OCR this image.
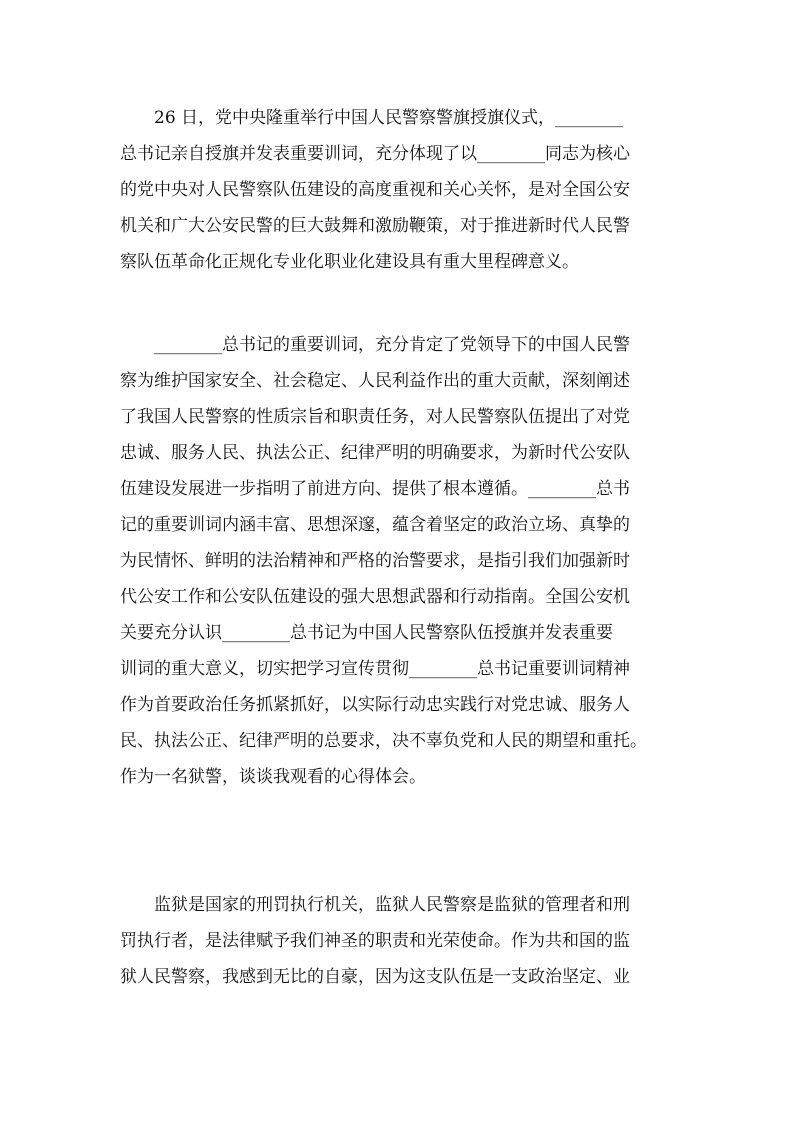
26 日，党中央隆重举行中国人民警察警旗授旗仪式，________
总书记亲自授旗并发表重要训词，充分体现了以________同志为核心
的党中央对人民警察队伍建设的高度重视和关心关怀，是对全国公安
机关和广大公安民警的巨大鼓舞和激励鞭策，对于推进新时代人民警
察队伍革命化正规化专业化职业化建设具有重大里程碑意义。
________总书记的重要训词，充分肯定了党领导下的中国人民警
察为维护国家安全、社会稳定、人民利益作出的重大贡献，深刻阐述
了我国人民警察的性质宗旨和职责任务，对人民警察队伍提出了对党
忠诚、服务人民、执法公正、纪律严明的明确要求，为新时代公安队
伍建设发展进一步指明了前进方向、提供了根本遵循。________总书
记的重要训词内涵丰富、思想深邃，蕴含着坚定的政治立场、真挚的
为民情怀、鲜明的法治精神和严格的治警要求，是指引我们加强新时
代公安工作和公安队伍建设的强大思想武器和行动指南。全国公安机
关要充分认识________总书记为中国人民警察队伍授旗并发表重要
训词的重大意义，切实把学习宣传贯彻________总书记重要训词精神
作为首要政治任务抓紧抓好，以实际行动忠实践行对党忠诚、服务人
民、执法公正、纪律严明的总要求，决不辜负党和人民的期望和重托。
作为一名狱警，谈谈我观看的心得体会。
监狱是国家的刑罚执行机关，监狱人民警察是监狱的管理者和刑
罚执行者，是法律赋予我们神圣的职责和光荣使命。作为共和国的监
狱人民警察，我感到无比的自豪，因为这支队伍是一支政治坚定、业
